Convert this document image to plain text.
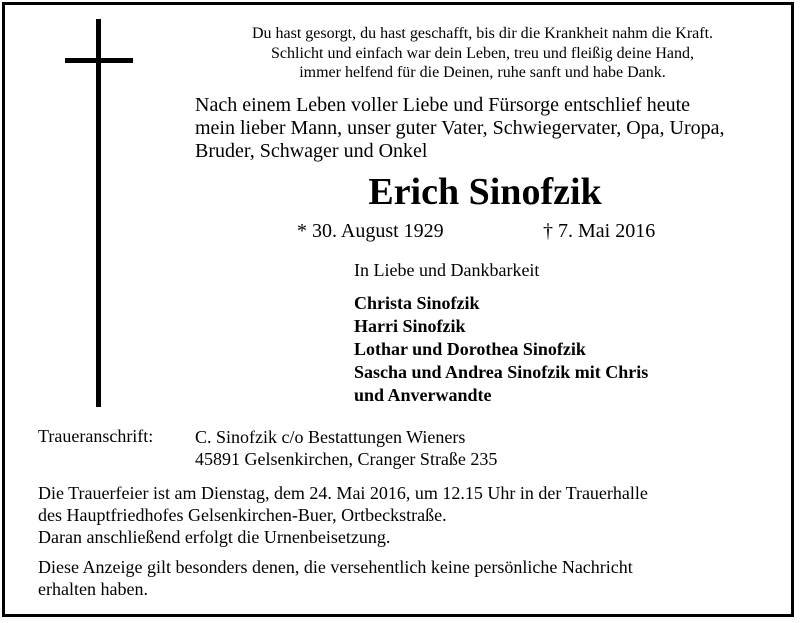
Du hast gesorgt, du hast geschafft, bis dir die Krankheit nahm die Kraft.
Schlicht und einfach war dein Leben, treu und fleißig deine Hand,
immer helfend für die Deinen, ruhe sanft und habe Dank.
Nach einem Leben voller Liebe und Fürsorge entschlief heute
mein lieber Mann, unser guter Vater, Schwiegervater, Opa, Uropa,
Bruder, Schwager und Onkel
Erich Sinofzik
* 30. August 1929	† 7. Mai 2016
In Liebe und Dankbarkeit
Christa Sinofzik
Harri Sinofzik
Lothar und Dorothea Sinofzik
Sascha und Andrea Sinofzik mit Chris
und Anverwandte
Traueranschrift: C. Sinofzik c/o Bestattungen Wieners
45891 Gelsenkirchen, Cranger Straße 235
Die Trauerfeier ist am Dienstag, dem 24. Mai 2016, um 12.15 Uhr in der Trauerhalle
des Hauptfriedhofes Gelsenkirchen-Buer, Ortbeckstraße.
Daran anschließend erfolgt die Urnenbeisetzung.
Diese Anzeige gilt besonders denen, die versehentlich keine persönliche Nachricht
erhalten haben.
